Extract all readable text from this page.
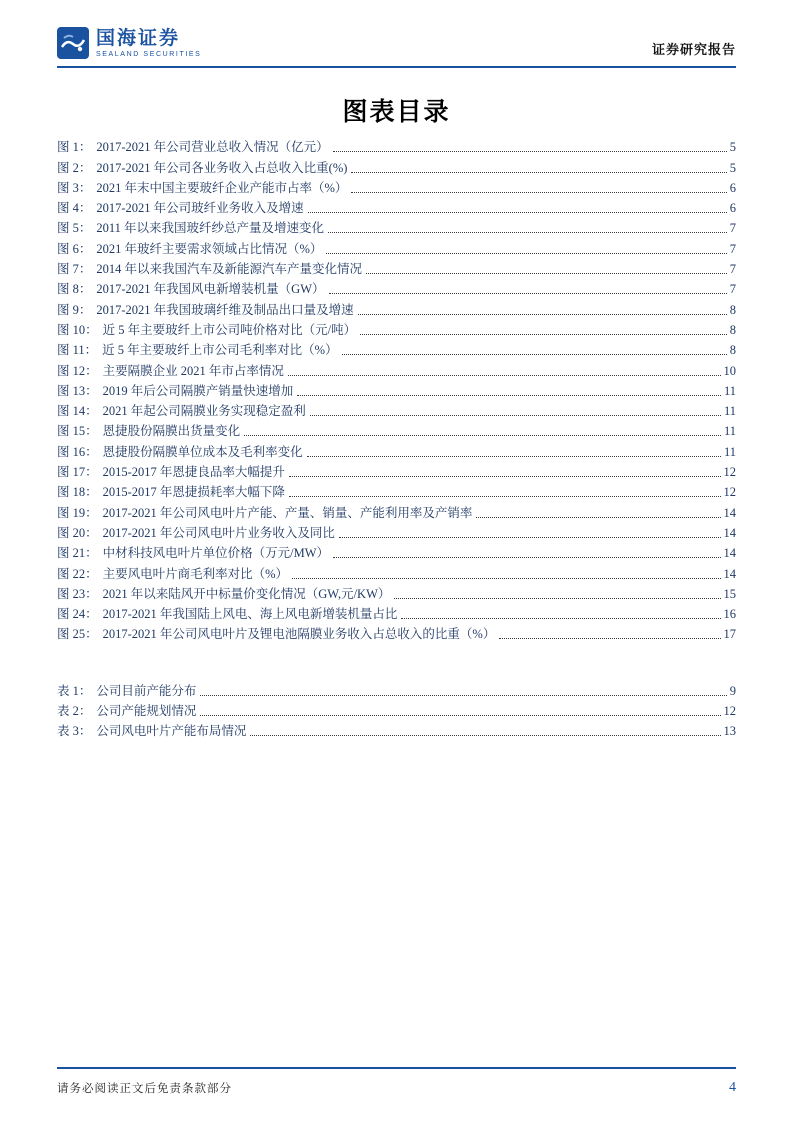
国海证券
SEALAND SECURITIES	证券研究报告
图表目录
图 1： 2017-2021 年公司营业总收入情况（亿元）	5
图 2： 2017-2021 年公司各业务收入占总收入比重(%)	5
图 3： 2021 年末中国主要玻纤企业产能市占率（%）	6
图 4： 2017-2021 年公司玻纤业务收入及增速	6
图 5： 2011 年以来我国玻纤纱总产量及增速变化	7
图 6： 2021 年玻纤主要需求领域占比情况（%）	7
图 7： 2014 年以来我国汽车及新能源汽车产量变化情况	7
图 8： 2017-2021 年我国风电新增装机量（GW）	7
图 9： 2017-2021 年我国玻璃纤维及制品出口量及增速	8
图 10： 近 5 年主要玻纤上市公司吨价格对比（元/吨）	8
图 11： 近 5 年主要玻纤上市公司毛利率对比（%）	8
图 12： 主要隔膜企业 2021 年市占率情况	10
图 13： 2019 年后公司隔膜产销量快速增加	11
图 14： 2021 年起公司隔膜业务实现稳定盈利	11
图 15： 恩捷股份隔膜出货量变化	11
图 16： 恩捷股份隔膜单位成本及毛利率变化	11
图 17： 2015-2017 年恩捷良品率大幅提升	12
图 18： 2015-2017 年恩捷损耗率大幅下降	12
图 19： 2017-2021 年公司风电叶片产能、产量、销量、产能利用率及产销率	14
图 20： 2017-2021 年公司风电叶片业务收入及同比	14
图 21： 中材科技风电叶片单位价格（万元/MW）	14
图 22： 主要风电叶片商毛利率对比（%）	14
图 23： 2021 年以来陆风开中标量价变化情况（GW,元/KW）	15
图 24： 2017-2021 年我国陆上风电、海上风电新增装机量占比	16
图 25： 2017-2021 年公司风电叶片及锂电池隔膜业务收入占总收入的比重（%）	17
表 1： 公司目前产能分布	9
表 2： 公司产能规划情况	12
表 3： 公司风电叶片产能布局情况	13
请务必阅读正文后免责条款部分	4
